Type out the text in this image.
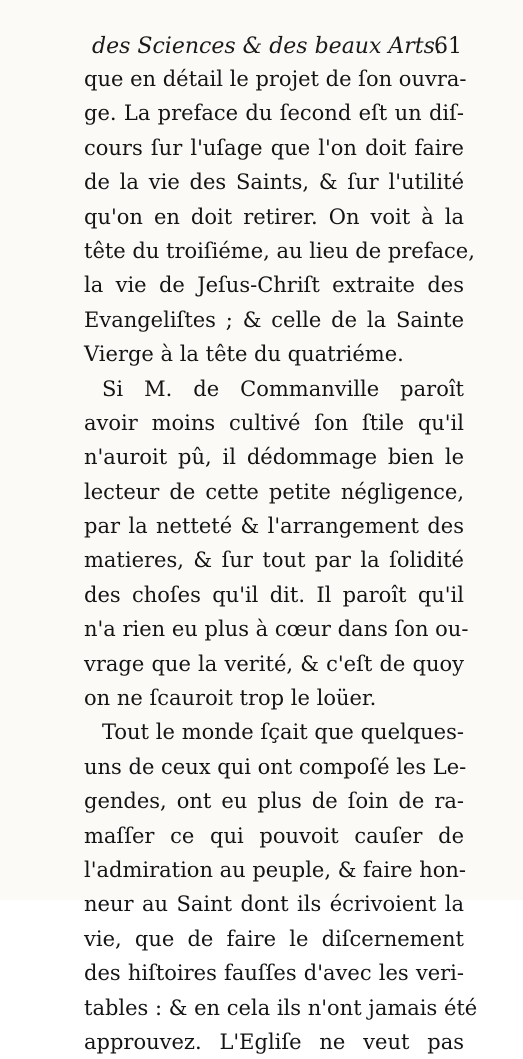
des Sciences & des beaux Arts.
61
que en détail le projet de ſon ouvra-
ge. La preface du ſecond eſt un diſ-
cours ſur l'uſage que l'on doit faire
de la vie des Saints, & ſur l'utilité
qu'on en doit retirer. On voit à la
tête du troiſiéme, au lieu de preface,
la vie de Jeſus-Chriſt extraite des
Evangeliſtes ; & celle de la Sainte
Vierge à la tête du quatriéme.
Si M. de Commanville paroît
avoir moins cultivé ſon ſtile qu'il
n'auroit pû, il dédommage bien le
lecteur de cette petite négligence,
par la netteté & l'arrangement des
matieres, & ſur tout par la ſolidité
des choſes qu'il dit. Il paroît qu'il
n'a rien eu plus à cœur dans ſon ou-
vrage que la verité, & c'eſt de quoy
on ne ſcauroit trop le loüer.
Tout le monde ſçait que quelques-
uns de ceux qui ont compoſé les Le-
gendes, ont eu plus de ſoin de ra-
maſſer ce qui pouvoit cauſer de
l'admiration au peuple, & faire hon-
neur au Saint dont ils écrivoient la
vie, que de faire le diſcernement
des hiſtoires fauſſes d'avec les veri-
tables : & en cela ils n'ont jamais été
approuvez. L'Egliſe ne veut pas
